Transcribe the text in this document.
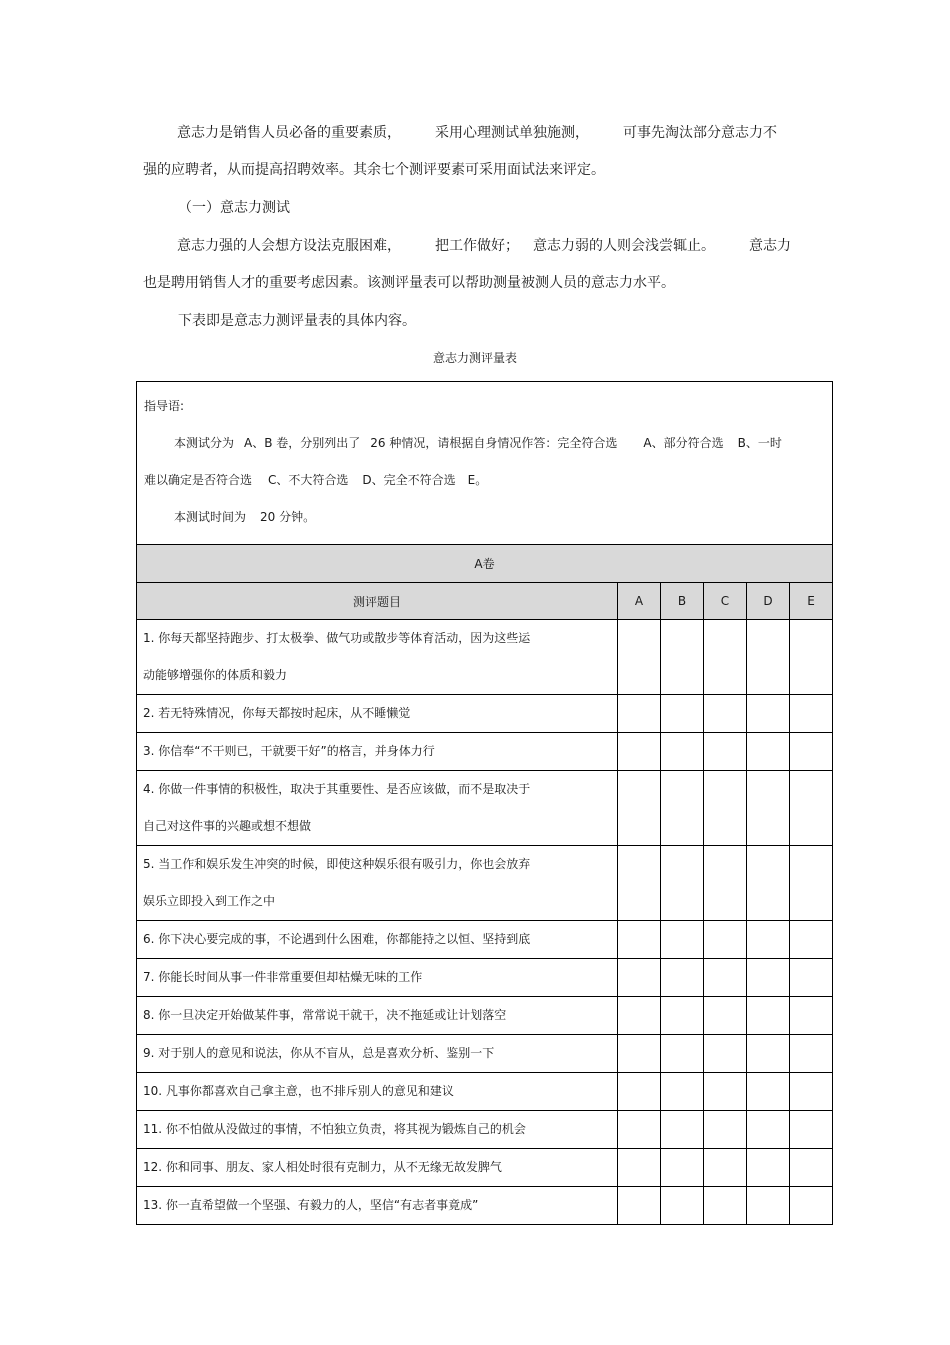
意志力是销售人员必备的重要素质， 采用心理测试单独施测， 可事先淘汰部分意志力不
强的应聘者，从而提高招聘效率。其余七个测评要素可采用面试法来评定。

（一）意志力测试

意志力强的人会想方设法克服困难， 把工作做好； 意志力弱的人则会浅尝辄止。 意志力
也是聘用销售人才的重要考虑因素。该测评量表可以帮助测量被测人员的意志力水平。

下表即是意志力测评量表的具体内容。
意志力测评量表
指导语:
本测试分为 A、B 卷，分别列出了 26 种情况，请根据自身情况作答：完全符合选 A、部分符合选 B、一时
难以确定是否符合选 C、不大符合选 D、完全不符合选 E。
本测试时间为 20 分钟。					

A卷					
测评题目	A	B	C	D	E

1. 你每天都坚持跑步、打太极拳、做气功或散步等体育活动，因为这些运
动能够增强你的体质和毅力					

2. 若无特殊情况，你每天都按时起床，从不睡懒觉					

3. 你信奉“不干则已，干就要干好”的格言，并身体力行					

4. 你做一件事情的积极性，取决于其重要性、是否应该做，而不是取决于
自己对这件事的兴趣或想不想做					

5. 当工作和娱乐发生冲突的时候，即使这种娱乐很有吸引力，你也会放弃
娱乐立即投入到工作之中					

6. 你下决心要完成的事，不论遇到什么困难，你都能持之以恒、坚持到底					

7. 你能长时间从事一件非常重要但却枯燥无味的工作					

8. 你一旦决定开始做某件事，常常说干就干，决不拖延或让计划落空					

9. 对于别人的意见和说法，你从不盲从，总是喜欢分析、鉴别一下					

10. 凡事你都喜欢自己拿主意，也不排斥别人的意见和建议					

11. 你不怕做从没做过的事情，不怕独立负责，将其视为锻炼自己的机会					

12. 你和同事、朋友、家人相处时很有克制力，从不无缘无故发脾气					

13. 你一直希望做一个坚强、有毅力的人，坚信“有志者事竟成”					
